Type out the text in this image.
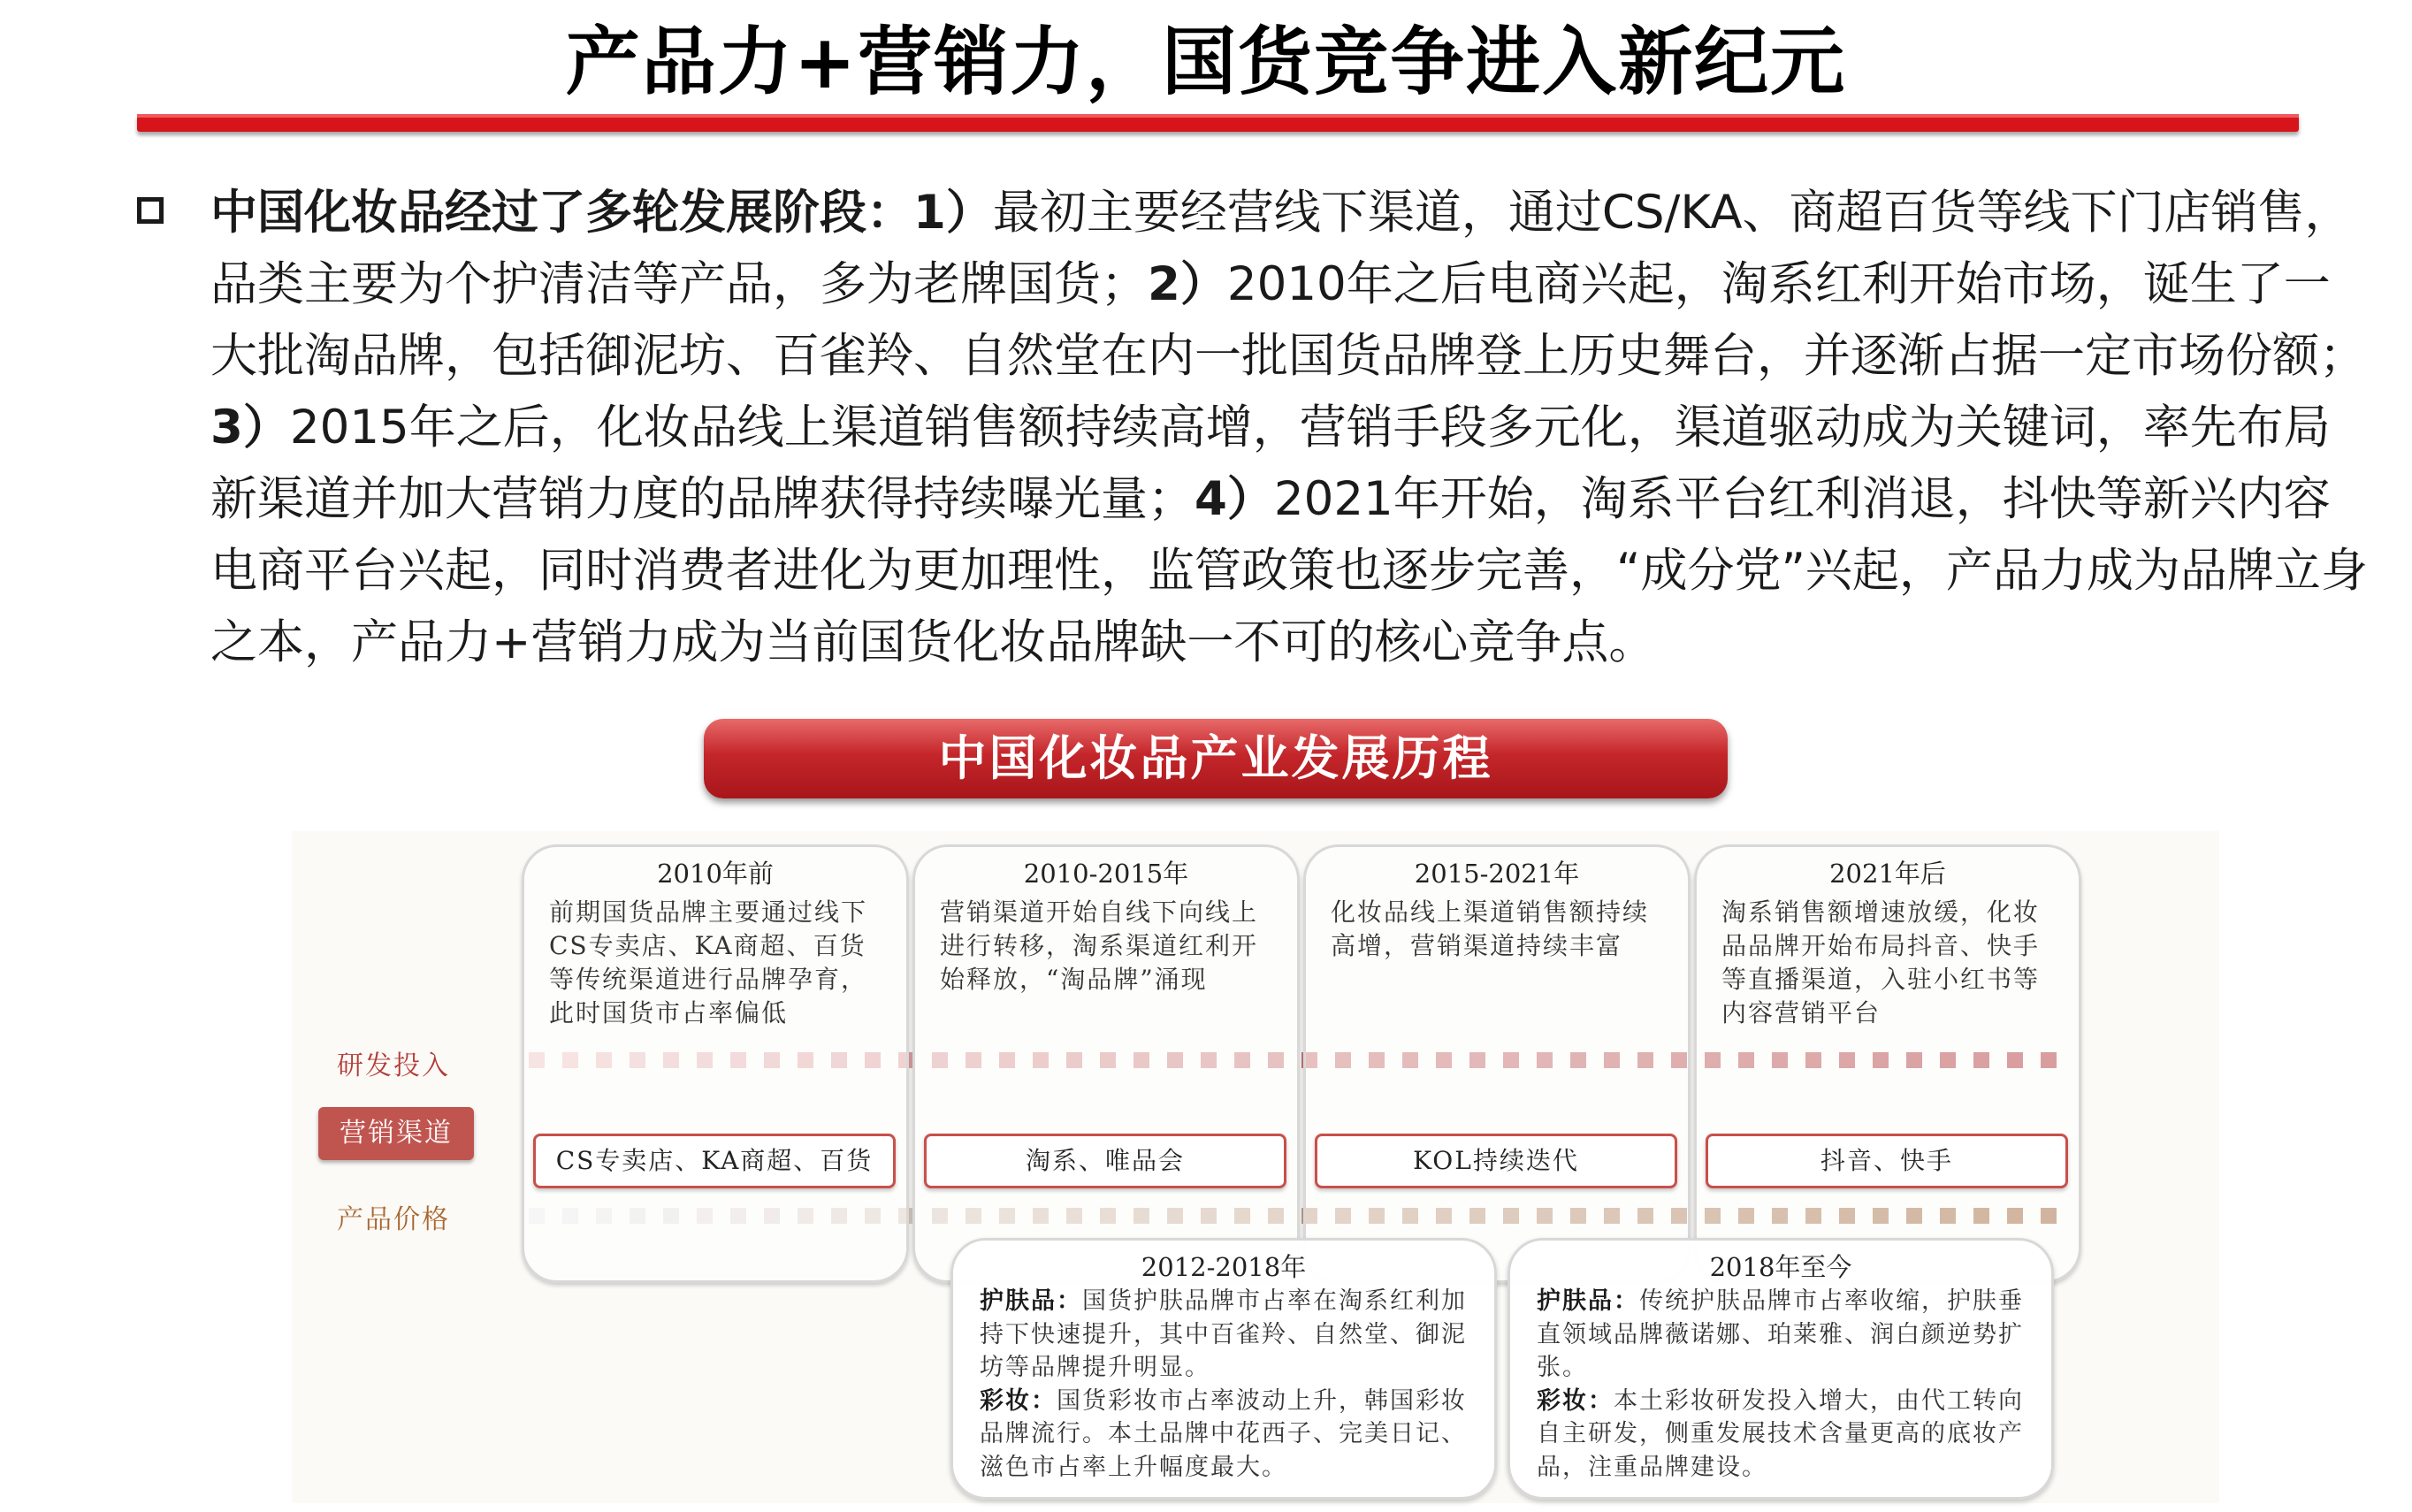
产品力+营销力，国货竞争进入新纪元
中国化妆品经过了多轮发展阶段：1）最初主要经营线下渠道，通过CS/KA、商超百货等线下门店销售，品类主要为个护清洁等产品，多为老牌国货；2）2010年之后电商兴起，淘系红利开始市场，诞生了一大批淘品牌，包括御泥坊、百雀羚、自然堂在内一批国货品牌登上历史舞台，并逐渐占据一定市场份额；3）2015年之后，化妆品线上渠道销售额持续高增，营销手段多元化，渠道驱动成为关键词，率先布局新渠道并加大营销力度的品牌获得持续曝光量；4）2021年开始，淘系平台红利消退，抖快等新兴内容电商平台兴起，同时消费者进化为更加理性，监管政策也逐步完善，“成分党”兴起，产品力成为品牌立身之本，产品力+营销力成为当前国货化妆品牌缺一不可的核心竞争点。
中国化妆品产业发展历程
研发投入
营销渠道
产品价格
2010年前
前期国货品牌主要通过线下CS专卖店、KA商超、百货等传统渠道进行品牌孕育，此时国货市占率偏低
CS专卖店、KA商超、百货
2010-2015年
营销渠道开始自线下向线上进行转移，淘系渠道红利开始释放，“淘品牌”涌现
淘系、唯品会
2015-2021年
化妆品线上渠道销售额持续高增，营销渠道持续丰富
KOL持续迭代
2021年后
淘系销售额增速放缓，化妆品品牌开始布局抖音、快手等直播渠道，入驻小红书等内容营销平台
抖音、快手
2012-2018年
护肤品：国货护肤品牌市占率在淘系红利加持下快速提升，其中百雀羚、自然堂、御泥坊等品牌提升明显。
彩妆：国货彩妆市占率波动上升，韩国彩妆品牌流行。本土品牌中花西子、完美日记、滋色市占率上升幅度最大。
2018年至今
护肤品：传统护肤品牌市占率收缩，护肤垂直领域品牌薇诺娜、珀莱雅、润白颜逆势扩张。
彩妆：本土彩妆研发投入增大，由代工转向自主研发，侧重发展技术含量更高的底妆产品，注重品牌建设。
